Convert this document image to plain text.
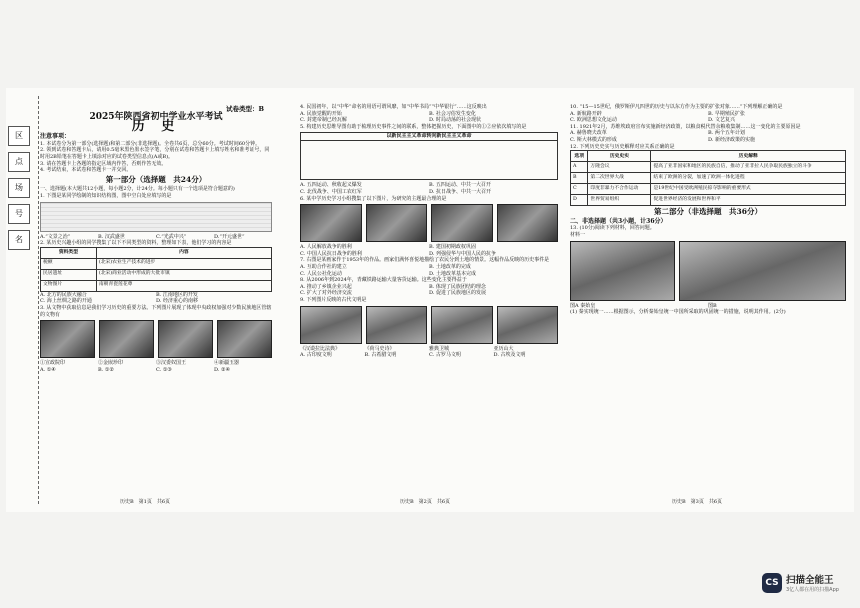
区
点
场
号
名
试卷类型：B
2025年陕西省初中学业水平考试
历 史

注意事项：

1. 本试卷分为第一部分(选择题)和第二部分(非选择题)。全卷共6页，总分60分。考试时间60分钟。

2. 领到试卷和答题卡后，请用0.5毫米黑色墨水签字笔，分别在试卷和答题卡上填写姓名和准考证号，同时用2B铅笔在答题卡上填涂对应的试卷类型信息点(A或B)。

3. 请在答题卡上各题的指定区域内作答，否则作答无效。

4. 考试结束，本试卷和答题卡一并交回。

第一部分（选择题　共24分）

一、选择题(本大题共12小题，每小题2分，计24分。每小题只有一个选项是符合题意的)

1. 下图是某同学绘制的知识结构图，图中空白处应填写的是

A.“文景之治”	B. 汉武盛世	C.“光武中兴”	D.“开元盛世”

2. 某历史兴趣小组的同学搜集了以下不同类型的资料，整理如下表，他们学习的内容是

资料类型	内容
税额	(北宋)农业生产技术的进步
民居遗址	(北宋)商业活动中形成的大批市镇
文物图片	南朝青瓷莲花尊
A. 北方的民族大融合	B. 江南地区的开发
C. 海上丝绸之路的开通	D. 经济重心的南移

3. 从文物中获取信息是我们学习历史的重要方法。下列图片展现了体现中央政权加强对少数民族地区管辖的文物有

①宣政院印	②金嵌珍印	③汉委奴国王	④新疆玉器
A. ①④	B. ①②	C. ①③	D. ②④
历史B　第1页　共6页

4. 民国初年，以“中华”命名的用语可谓风靡，如“中华书局”“中华银行”……这反映出

A. 民族觉醒的开始	B. 社会习俗发生变化
C. 封建帝制已经瓦解	D. 时局动荡的社会现状

5. 构建历史思维导图有助于梳理历史事件之间的联系，整体把握历史，下面图中的①②应依次填写的是

以新民主主义革命转向新民主主义革命
A. 五四运动、秋收起义爆发	B. 五四运动、中共一大召开
C. 北伐战争、中国工农红军	D. 抗日战争、中共一大召开

6. 某中学历史学习小组搜集了以下图片，为研究的主题最合理的是

A. 人民解放战争的胜利	B. 建国初期政权巩固
C. 中国人民抗日战争的胜利	D. 列强侵华与中国人民的抗争

7. 右图是某画家作于1953年的作品。画家们满怀喜悦地描绘了农民分到土地的情景。这幅作品反映的历史事件是

A. 互助合作社的建立	B. 土地改革的完成
C. 人民公社化运动	D. 土地改革基本完成

8. 从2006年到2024年，青藏铁路运输大量客货运输。这些变化主要得益于

A. 推动了乡镇企业兴起	B. 体现了民族团结的理念
C. 扩大了对外经济交流	D. 促进了民族地区的发展

9. 下列图片反映的古代文明是

《汉谟拉比法典》	《荷马史诗》	雅典卫城	亚历山大
A. 古印度文明	B. 古希腊文明	C. 古罗马文明	D. 古埃及文明
历史B　第2页　共6页

10. “15—15世纪，俄罗斯伊凡四世的历史与以东方作为主要的扩张对象……”下列理解正确的是

A. 新航路开辟	B. 早期殖民扩张
C. 欧洲思想文化运动	D. 文艺复兴

11. 1921年2月，苏维埃政府宣布实施新经济政策，以粮食税代替余粮收集制……这一变化的主要原因是

A. 赫鲁晓夫改革	B. 两个五年计划
C. 斯大林模式的形成	D. 新经济政策的实施

12. 下列历史史实与历史解释对应关系正确的是

选项	历史史实	历史解释
A	万隆会议	提高了亚非国家和地区的民族自信，推动了亚非拉人民争取民族独立的斗争
B	第二次世界大战	结束了欧洲的分裂，加速了欧洲一体化进程
C	印度非暴力不合作运动	是19世纪中国受欧洲殖民掠夺影响的重要形式
D	世界贸易组织	促进世界经济的发展和世界和平
第二部分（非选择题　共36分）

二、非选择题（共3小题，计36分）

13. (10分)阅读下列材料，回答问题。

材料一

图A 秦始皇	图B

(1) 秦实现统一……根据图示，分析秦始皇统一中国所采取的巩固统一的措施，说明其作用。(2分)

历史B　第3页　共6页
CS 扫描全能王
3亿人都在用的扫描App
